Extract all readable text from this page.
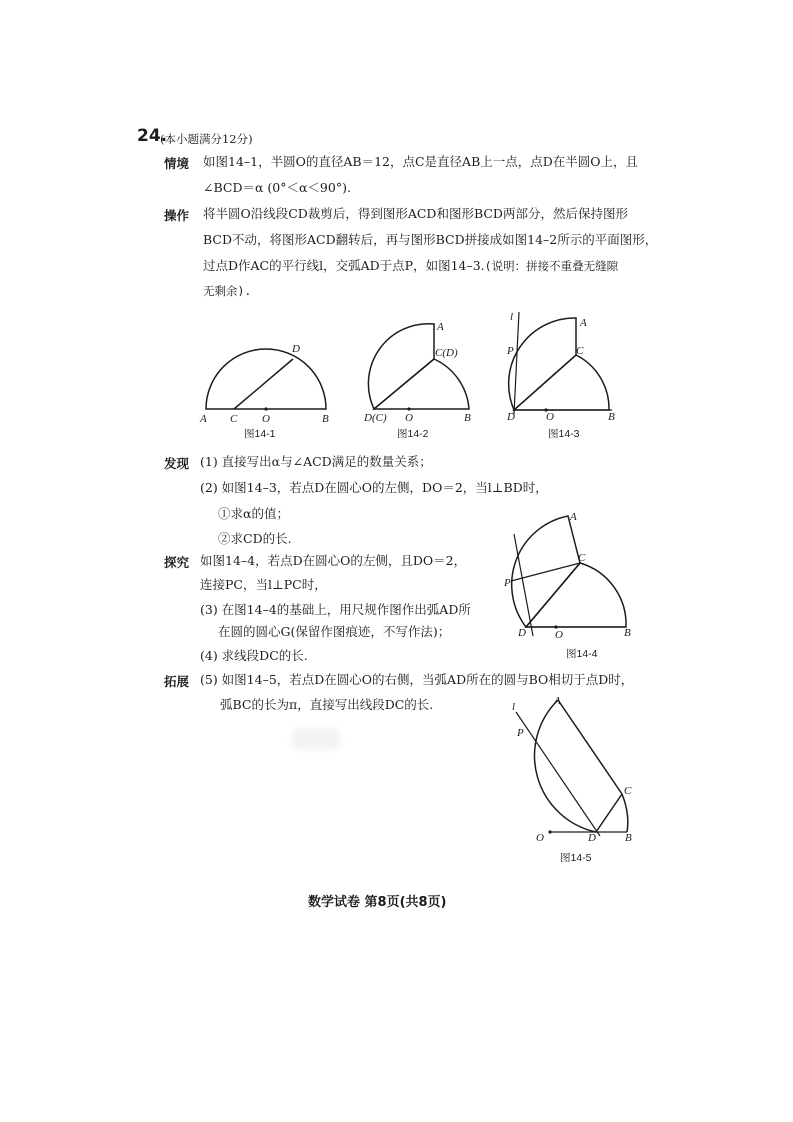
24.
(本小题满分12分)
情境 如图14–1，半圆O的直径AB＝12，点C是直径AB上一点，点D在半圆O上，且
∠BCD＝α (0°＜α＜90°).
操作 将半圆O沿线段CD裁剪后，得到图形ACD和图形BCD两部分，然后保持图形
BCD不动，将图形ACD翻转后，再与图形BCD拼接成如图14–2所示的平面图形，
过点D作AC的平行线l，交弧AD于点P，如图14–3.(说明：拼接不重叠无缝隙
无剩余).
A C O	B
D
图14-1
A
C(D)
D(C) O	B
图14-2
l	A
P	C
D	O	B
图14-3
发现 (1) 直接写出α与∠ACD满足的数量关系；
(2) 如图14–3，若点D在圆心O的左侧，DO＝2，当l⊥BD时，
①求α的值；
②求CD的长.
探究 如图14–4，若点D在圆心O的左侧，且DO＝2，
连接PC，当l⊥PC时，
(3) 在图14–4的基础上，用尺规作图作出弧AD所
在圆的圆心G(保留作图痕迹，不写作法)；
(4) 求线段DC的长.
A
C
P
D	O	B
图14-4
拓展 (5) 如图14–5，若点D在圆心O的右侧，当弧AD所在的圆与BO相切于点D时，
弧BC的长为π，直接写出线段DC的长.	l	A
P
C
O	D	B
图14-5
数学试卷 第8页(共8页)
